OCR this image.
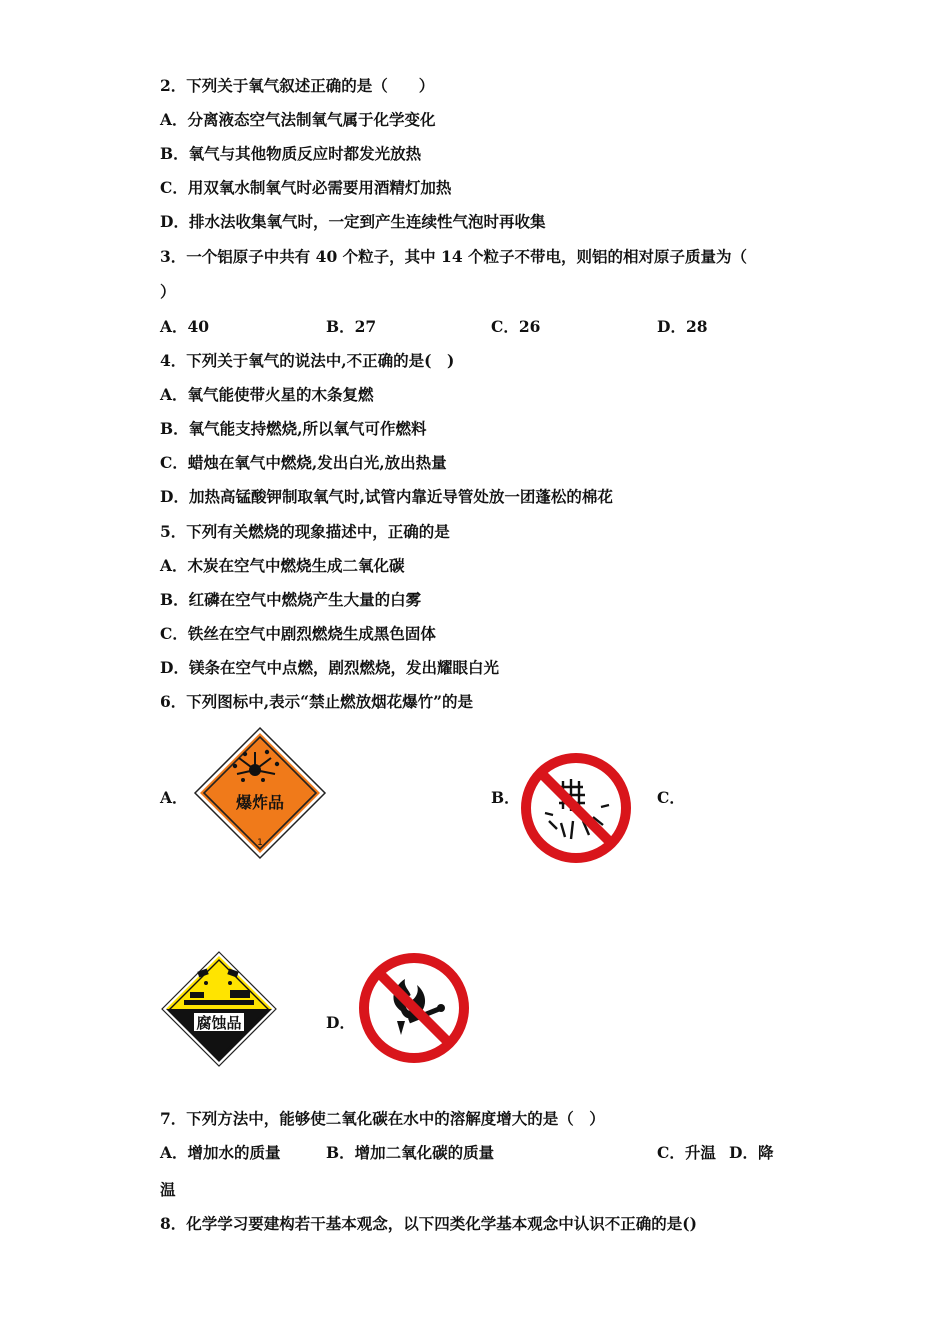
2．下列关于氧气叙述正确的是（　　）
A．分离液态空气法制氧气属于化学变化
B．氧气与其他物质反应时都发光放热
C．用双氧水制氧气时必需要用酒精灯加热
D．排水法收集氧气时，一定到产生连续性气泡时再收集
3．一个铝原子中共有 40 个粒子，其中 14 个粒子不带电，则铝的相对原子质量为（
）
A．40	B．27	C．26	D．28
4．下列关于氧气的说法中,不正确的是(　)
A．氧气能使带火星的木条复燃
B．氧气能支持燃烧,所以氧气可作燃料
C．蜡烛在氧气中燃烧,发出白光,放出热量
D．加热高锰酸钾制取氧气时,试管内靠近导管处放一团蓬松的棉花
5．下列有关燃烧的现象描述中，正确的是
A．木炭在空气中燃烧生成二氧化碳
B．红磷在空气中燃烧产生大量的白雾
C．铁丝在空气中剧烈燃烧生成黑色固体
D．镁条在空气中点燃，剧烈燃烧，发出耀眼白光
6．下列图标中,表示“禁止燃放烟花爆竹”的是
A．	爆炸品
1
B．	C．
腐蚀品	D．
7．下列方法中，能够使二氧化碳在水中的溶解度增大的是（　）
A．增加水的质量	B．增加二氧化碳的质量	C．升温 D．降
温
8．化学学习要建构若干基本观念，以下四类化学基本观念中认识不正确的是()
